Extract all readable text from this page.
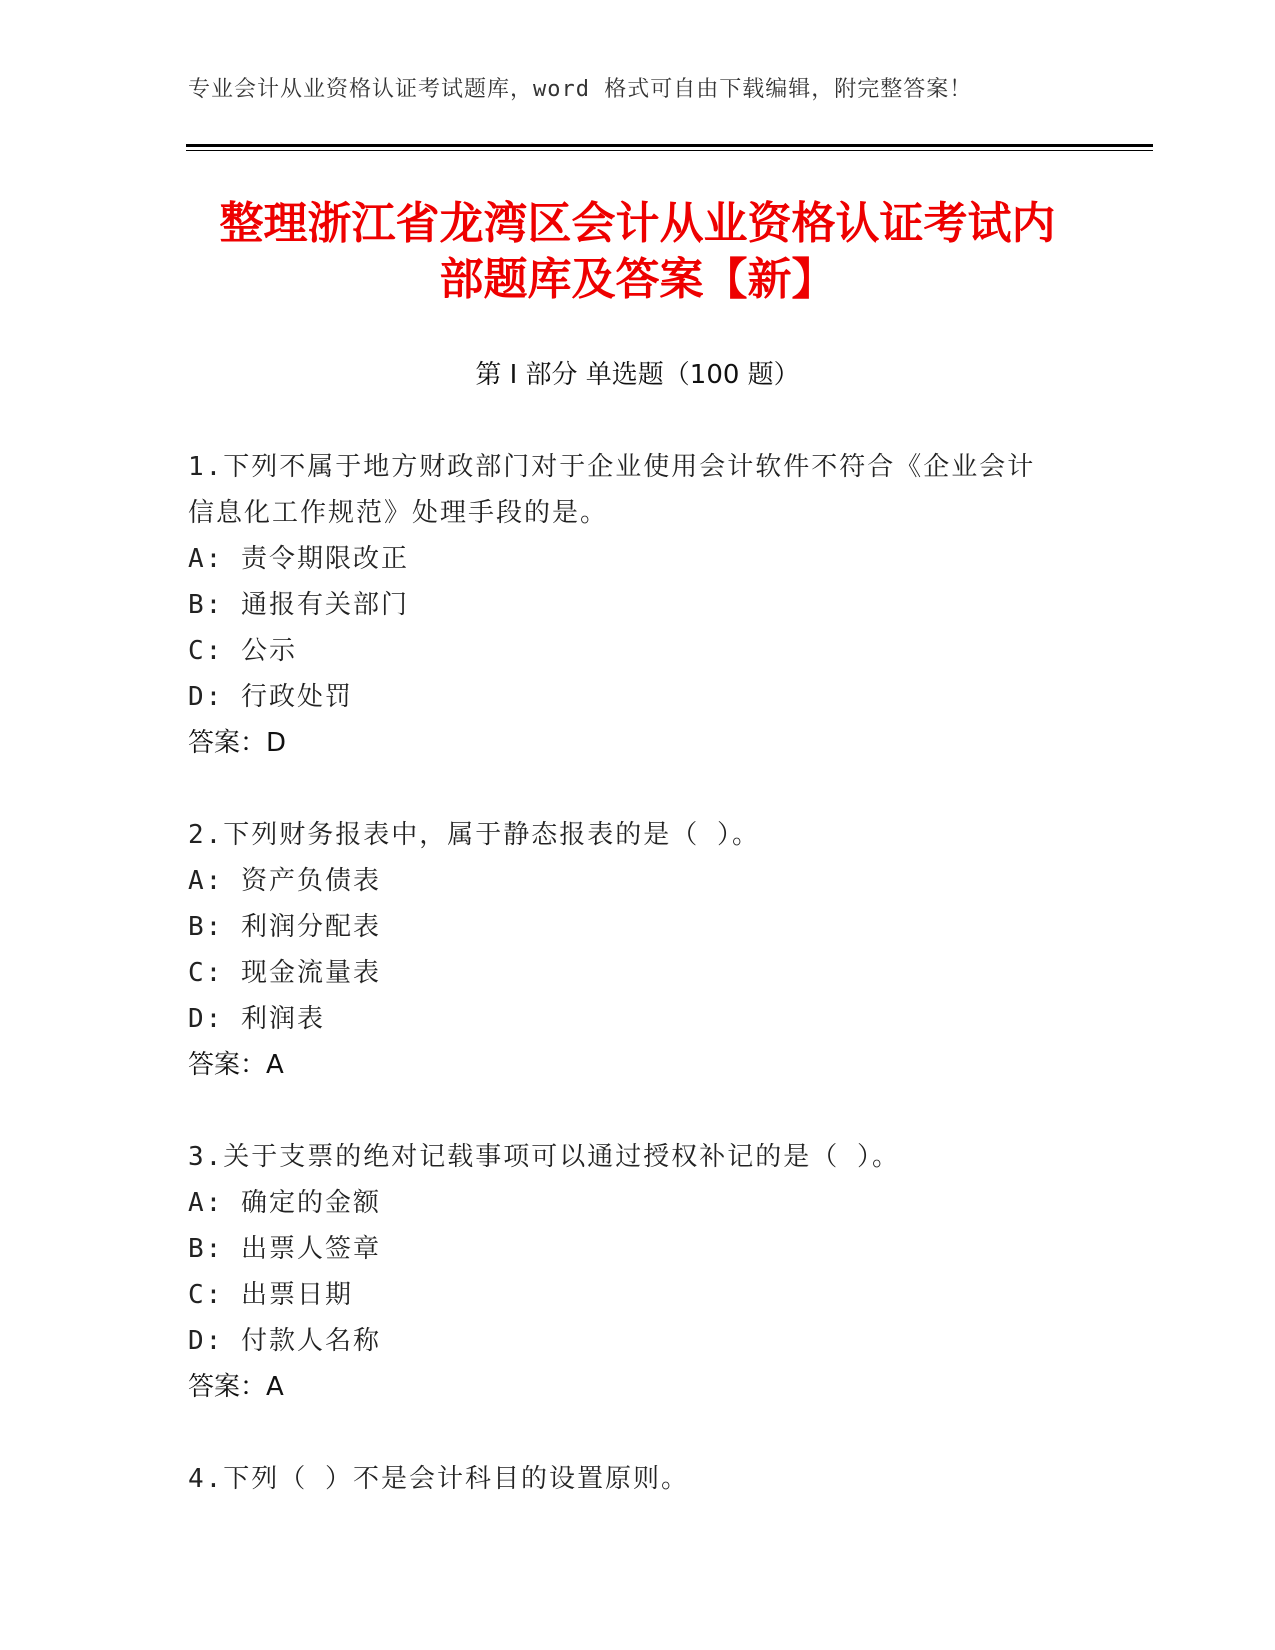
专业会计从业资格认证考试题库，word 格式可自由下载编辑，附完整答案！
整理浙江省龙湾区会计从业资格认证考试内
部题库及答案【新】
第 I 部分 单选题（100 题）
1.下列不属于地方财政部门对于企业使用会计软件不符合《企业会计
信息化工作规范》处理手段的是。
A: 责令期限改正
B: 通报有关部门
C: 公示
D: 行政处罚
答案：D
2.下列财务报表中，属于静态报表的是（ ）。
A: 资产负债表
B: 利润分配表
C: 现金流量表
D: 利润表
答案：A
3.关于支票的绝对记载事项可以通过授权补记的是（ ）。
A: 确定的金额
B: 出票人签章
C: 出票日期
D: 付款人名称
答案：A
4.下列（ ）不是会计科目的设置原则。
